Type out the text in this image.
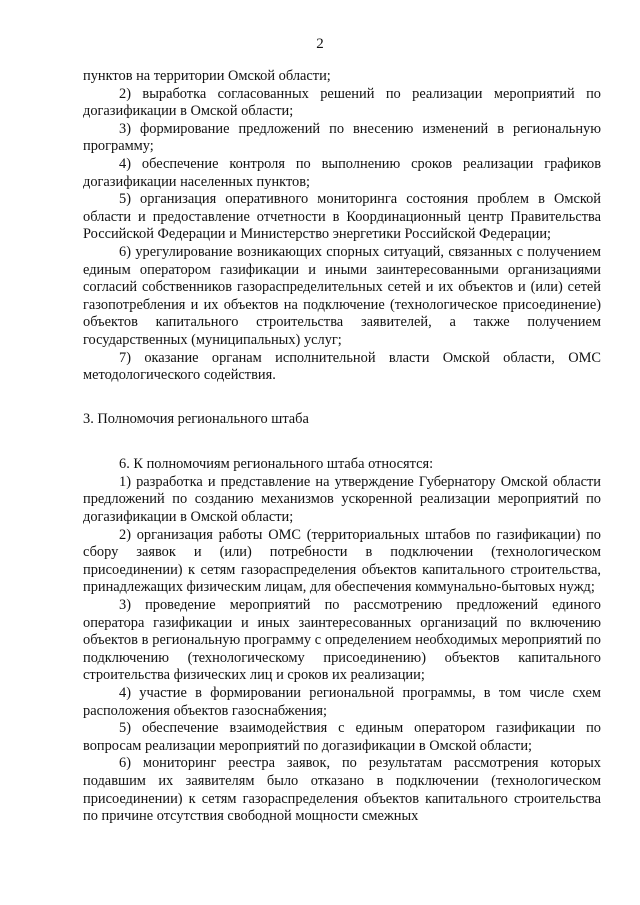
2

пунктов на территории Омской области;

2) выработка согласованных решений по реализации мероприятий по догазификации в Омской области;

3) формирование предложений по внесению изменений в региональную программу;

4) обеспечение контроля по выполнению сроков реализации графиков догазификации населенных пунктов;

5) организация оперативного мониторинга состояния проблем в Омской области и предоставление отчетности в Координационный центр Правительства Российской Федерации и Министерство энергетики Российской Федерации;

6) урегулирование возникающих спорных ситуаций, связанных с получением единым оператором газификации и иными заинтересованными организациями согласий собственников газораспределительных сетей и их объектов и (или) сетей газопотребления и их объектов на подключение (технологическое присоединение) объектов капитального строительства заявителей, а также получением государственных (муниципальных) услуг;

7) оказание органам исполнительной власти Омской области, ОМС методологического содействия.

3. Полномочия регионального штаба

6. К полномочиям регионального штаба относятся:

1) разработка и представление на утверждение Губернатору Омской области предложений по созданию механизмов ускоренной реализации мероприятий по догазификации в Омской области;

2) организация работы ОМС (территориальных штабов по газификации) по сбору заявок и (или) потребности в подключении (технологическом присоединении) к сетям газораспределения объектов капитального строительства, принадлежащих физическим лицам, для обеспечения коммунально-бытовых нужд;

3) проведение мероприятий по рассмотрению предложений единого оператора газификации и иных заинтересованных организаций по включению объектов в региональную программу с определением необходимых мероприятий по подключению (технологическому присоединению) объектов капитального строительства физических лиц и сроков их реализации;

4) участие в формировании региональной программы, в том числе схем расположения объектов газоснабжения;

5) обеспечение взаимодействия с единым оператором газификации по вопросам реализации мероприятий по догазификации в Омской области;

6) мониторинг реестра заявок, по результатам рассмотрения которых подавшим их заявителям было отказано в подключении (технологическом присоединении) к сетям газораспределения объектов капитального строительства по причине отсутствия свободной мощности смежных
